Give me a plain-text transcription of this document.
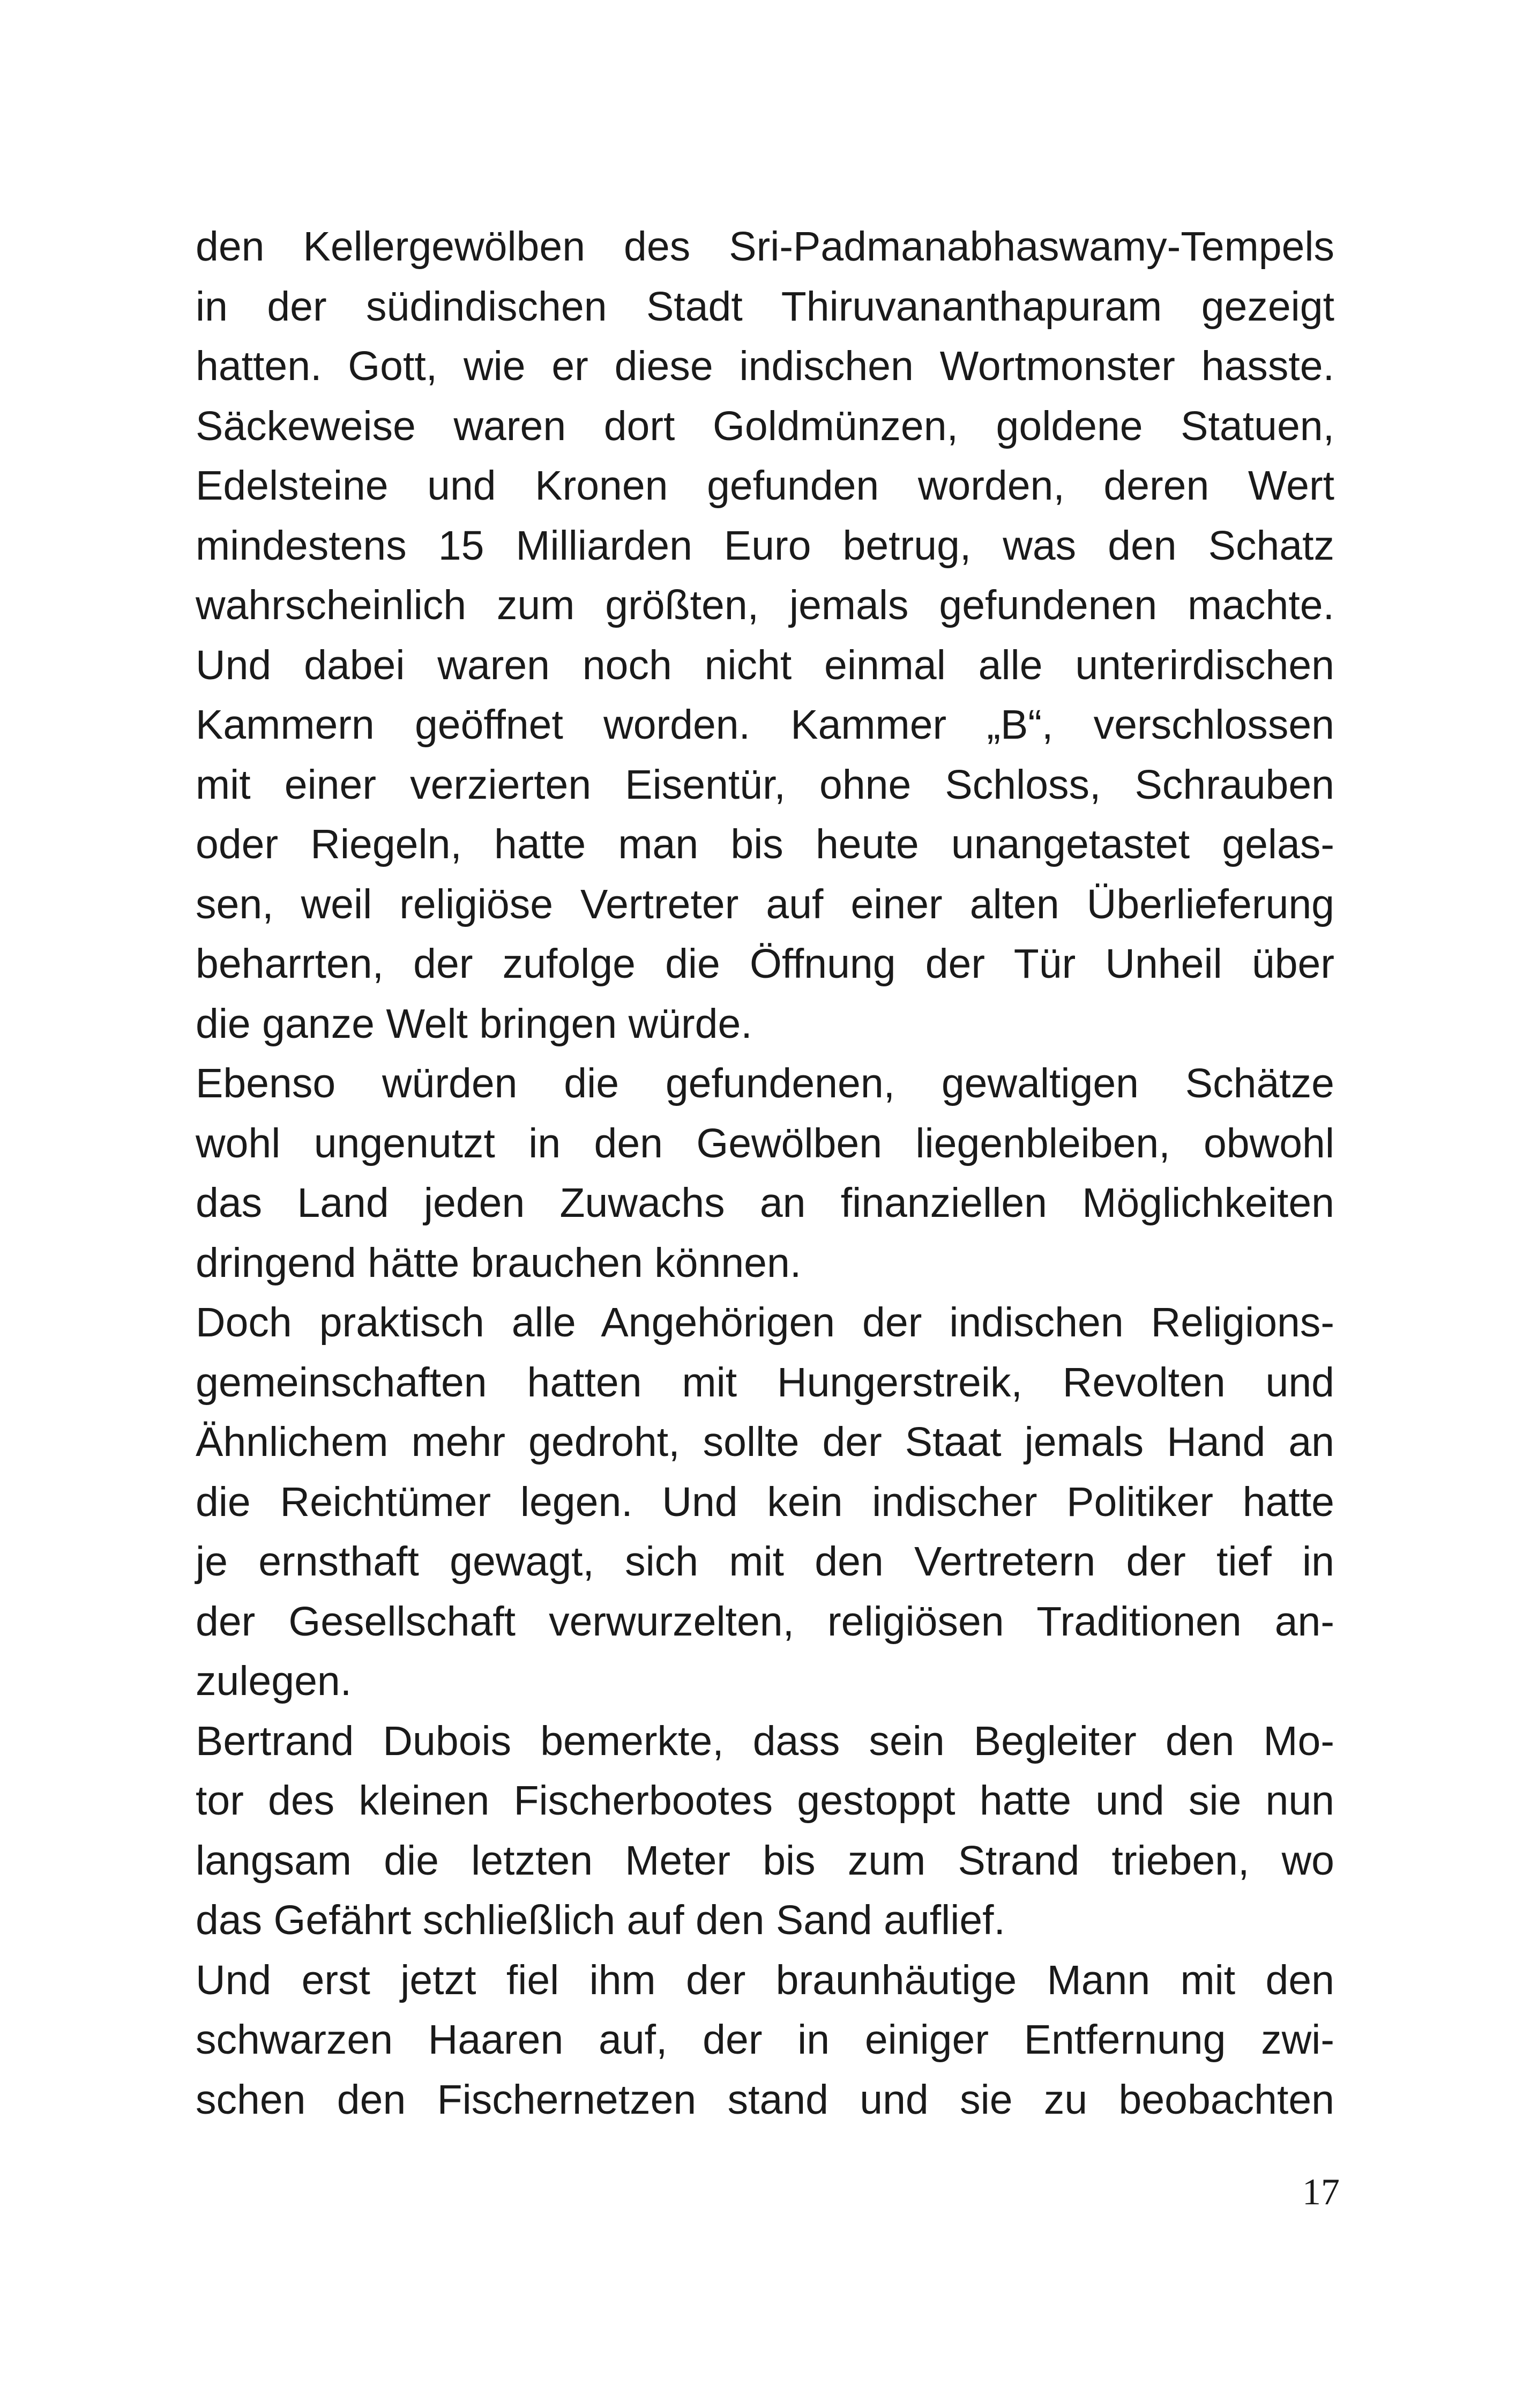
den Kellergewölben des Sri-Padmanabhaswamy-Tempels
in der südindischen Stadt Thiruvananthapuram gezeigt
hatten. Gott, wie er diese indischen Wortmonster hasste.
Säckeweise waren dort Goldmünzen, goldene Statuen,
Edelsteine und Kronen gefunden worden, deren Wert
mindestens 15 Milliarden Euro betrug, was den Schatz
wahrscheinlich zum größten, jemals gefundenen machte.
Und dabei waren noch nicht einmal alle unterirdischen
Kammern geöffnet worden. Kammer „B“, verschlossen
mit einer verzierten Eisentür, ohne Schloss, Schrauben
oder Riegeln, hatte man bis heute unangetastet gelas-
sen, weil religiöse Vertreter auf einer alten Überlieferung
beharrten, der zufolge die Öffnung der Tür Unheil über
die ganze Welt bringen würde.
Ebenso würden die gefundenen, gewaltigen Schätze
wohl ungenutzt in den Gewölben liegenbleiben, obwohl
das Land jeden Zuwachs an finanziellen Möglichkeiten
dringend hätte brauchen können.
Doch praktisch alle Angehörigen der indischen Religions-
gemeinschaften hatten mit Hungerstreik, Revolten und
Ähnlichem mehr gedroht, sollte der Staat jemals Hand an
die Reichtümer legen. Und kein indischer Politiker hatte
je ernsthaft gewagt, sich mit den Vertretern der tief in
der Gesellschaft verwurzelten, religiösen Traditionen an-
zulegen.
Bertrand Dubois bemerkte, dass sein Begleiter den Mo-
tor des kleinen Fischerbootes gestoppt hatte und sie nun
langsam die letzten Meter bis zum Strand trieben, wo
das Gefährt schließlich auf den Sand auflief.
Und erst jetzt fiel ihm der braunhäutige Mann mit den
schwarzen Haaren auf, der in einiger Entfernung zwi-
schen den Fischernetzen stand und sie zu beobachten
17
